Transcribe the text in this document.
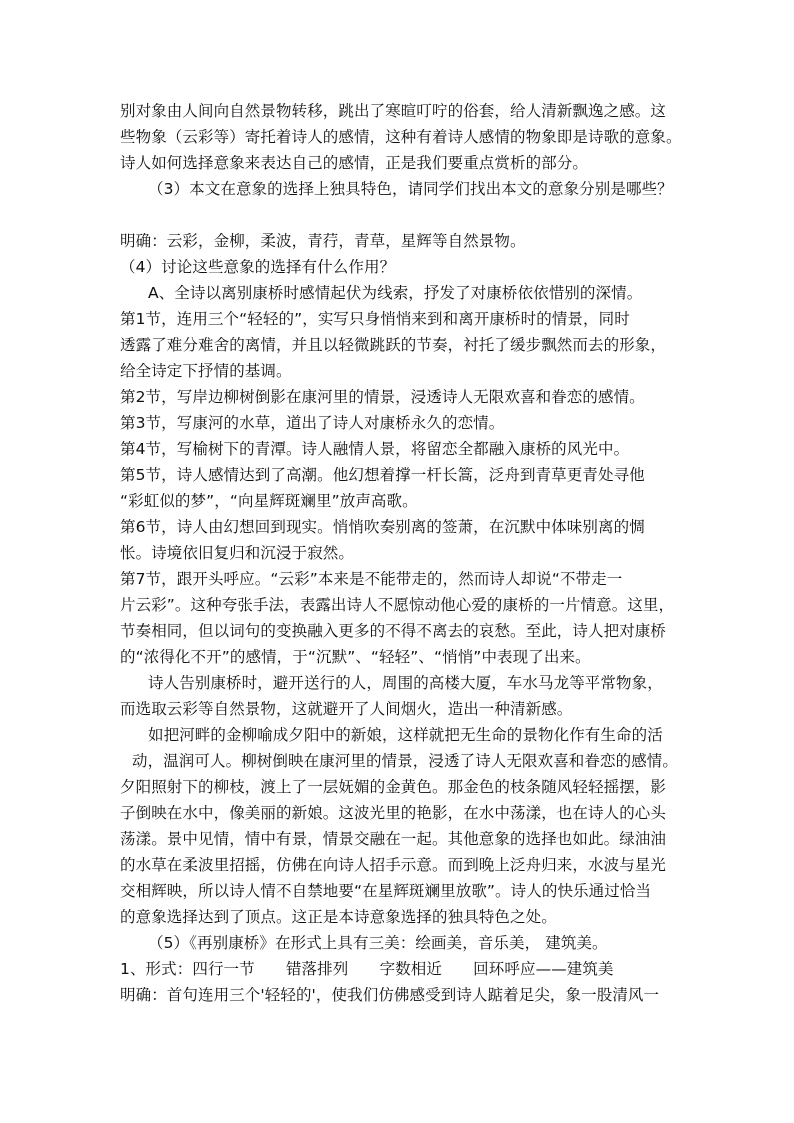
别对象由人间向自然景物转移，跳出了寒暄叮咛的俗套，给人清新飘逸之感。这
些物象（云彩等）寄托着诗人的感情，这种有着诗人感情的物象即是诗歌的意象。
诗人如何选择意象来表达自己的感情，正是我们要重点赏析的部分。
（3）本文在意象的选择上独具特色，请同学们找出本文的意象分别是哪些？
明确：云彩，金柳，柔波，青荇，青草，星辉等自然景物。
（4）讨论这些意象的选择有什么作用？
A、全诗以离别康桥时感情起伏为线索，抒发了对康桥依依惜别的深情。
第1节，连用三个“轻轻的”，实写只身悄悄来到和离开康桥时的情景，同时
透露了难分难舍的离情，并且以轻微跳跃的节奏，衬托了缓步飘然而去的形象，
给全诗定下抒情的基调。
第2节，写岸边柳树倒影在康河里的情景，浸透诗人无限欢喜和眷恋的感情。
第3节，写康河的水草，道出了诗人对康桥永久的恋情。
第4节，写榆树下的青潭。诗人融情人景，将留恋全都融入康桥的风光中。
第5节，诗人感情达到了高潮。他幻想着撑一杆长篙，泛舟到青草更青处寻他
“彩虹似的梦”，“向星辉斑斓里”放声高歌。
第6节，诗人由幻想回到现实。悄悄吹奏别离的签萧，在沉默中体味别离的惆
怅。诗境依旧复归和沉浸于寂然。
第7节，跟开头呼应。“云彩”本来是不能带走的，然而诗人却说“不带走一
片云彩”。这种夸张手法，表露出诗人不愿惊动他心爱的康桥的一片情意。这里，
节奏相同，但以词句的变换融入更多的不得不离去的哀愁。至此，诗人把对康桥
的“浓得化不开”的感情，于“沉默”、“轻轻”、“悄悄”中表现了出来。
诗人告别康桥时，避开送行的人，周围的高楼大厦，车水马龙等平常物象，
而选取云彩等自然景物，这就避开了人间烟火，造出一种清新感。
如把河畔的金柳喻成夕阳中的新娘，这样就把无生命的景物化作有生命的活
动，温润可人。柳树倒映在康河里的情景，浸透了诗人无限欢喜和眷恋的感情。
夕阳照射下的柳枝，渡上了一层妩媚的金黄色。那金色的枝条随风轻轻摇摆，影
子倒映在水中，像美丽的新娘。这波光里的艳影，在水中荡漾，也在诗人的心头
荡漾。景中见情，情中有景，情景交融在一起。其他意象的选择也如此。绿油油
的水草在柔波里招摇，仿佛在向诗人招手示意。而到晚上泛舟归来，水波与星光
交相辉映，所以诗人情不自禁地要“在星辉斑斓里放歌”。诗人的快乐通过恰当
的意象选择达到了顶点。这正是本诗意象选择的独具特色之处。
（5）《再别康桥》在形式上具有三美：绘画美，音乐美， 建筑美。
1、形式：四行一节　　错落排列　　字数相近　　回环呼应——建筑美
明确：首句连用三个'轻轻的'，使我们仿佛感受到诗人踮着足尖，象一股清风一
